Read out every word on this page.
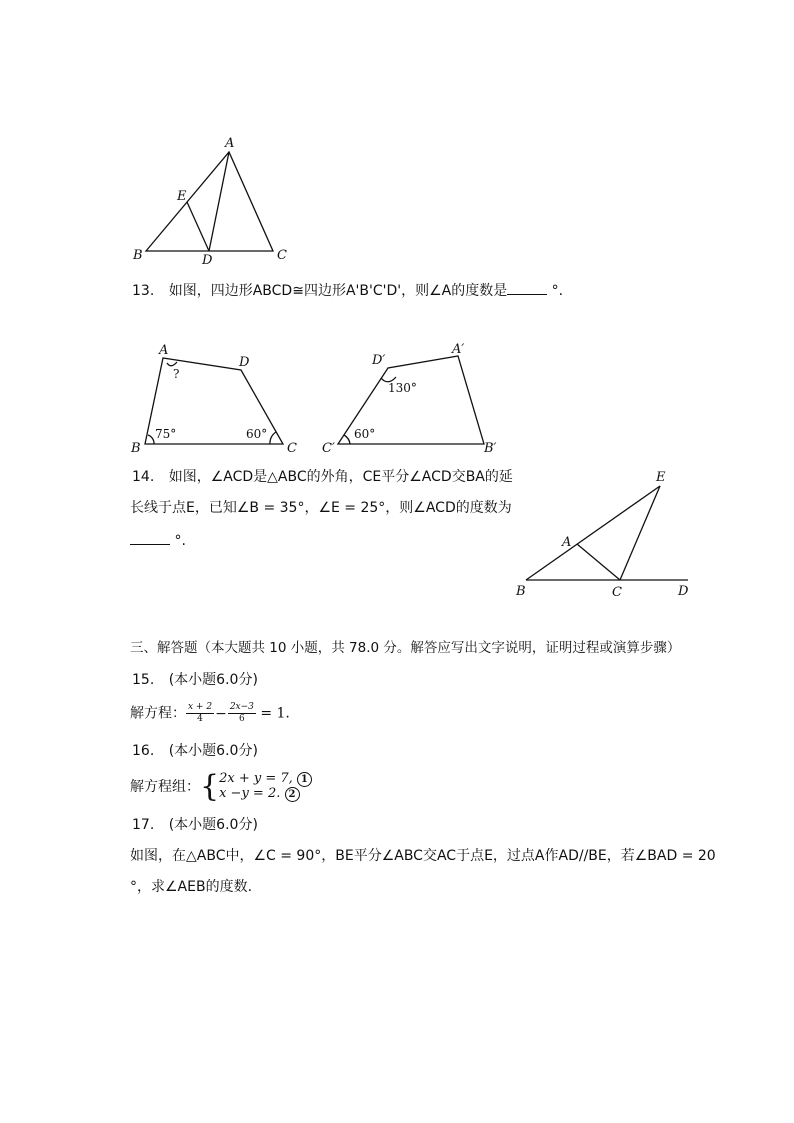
A
E
B	D	C
13. 如图，四边形ABCD≅四边形A'B'C'D'，则∠A的度数是	°.
A
D
B	C
?
75°	60°
D′
A′
C′	B′
130°
60°
14. 如图，∠ACD是△ABC的外角，CE平分∠ACD交BA的延
长线于点E，已知∠B = 35°，∠E = 25°，则∠ACD的度数为
°.
E
A
B	C	D
三、解答题（本大题共 10 小题，共 78.0 分。解答应写出文字说明，证明过程或演算步骤）
15. (本小题6.0分)
解方程： $\frac{x + 2}{4} - \frac{2x-3}{6} = 1$.
16. (本小题6.0分)
解方程组：{ 2x + y = 7, 1
x −y = 2. 2
17. (本小题6.0分)
如图，在△ABC中，∠C = 90°，BE平分∠ABC交AC于点E，过点A作AD//BE，若∠BAD = 20
°，求∠AEB的度数.
